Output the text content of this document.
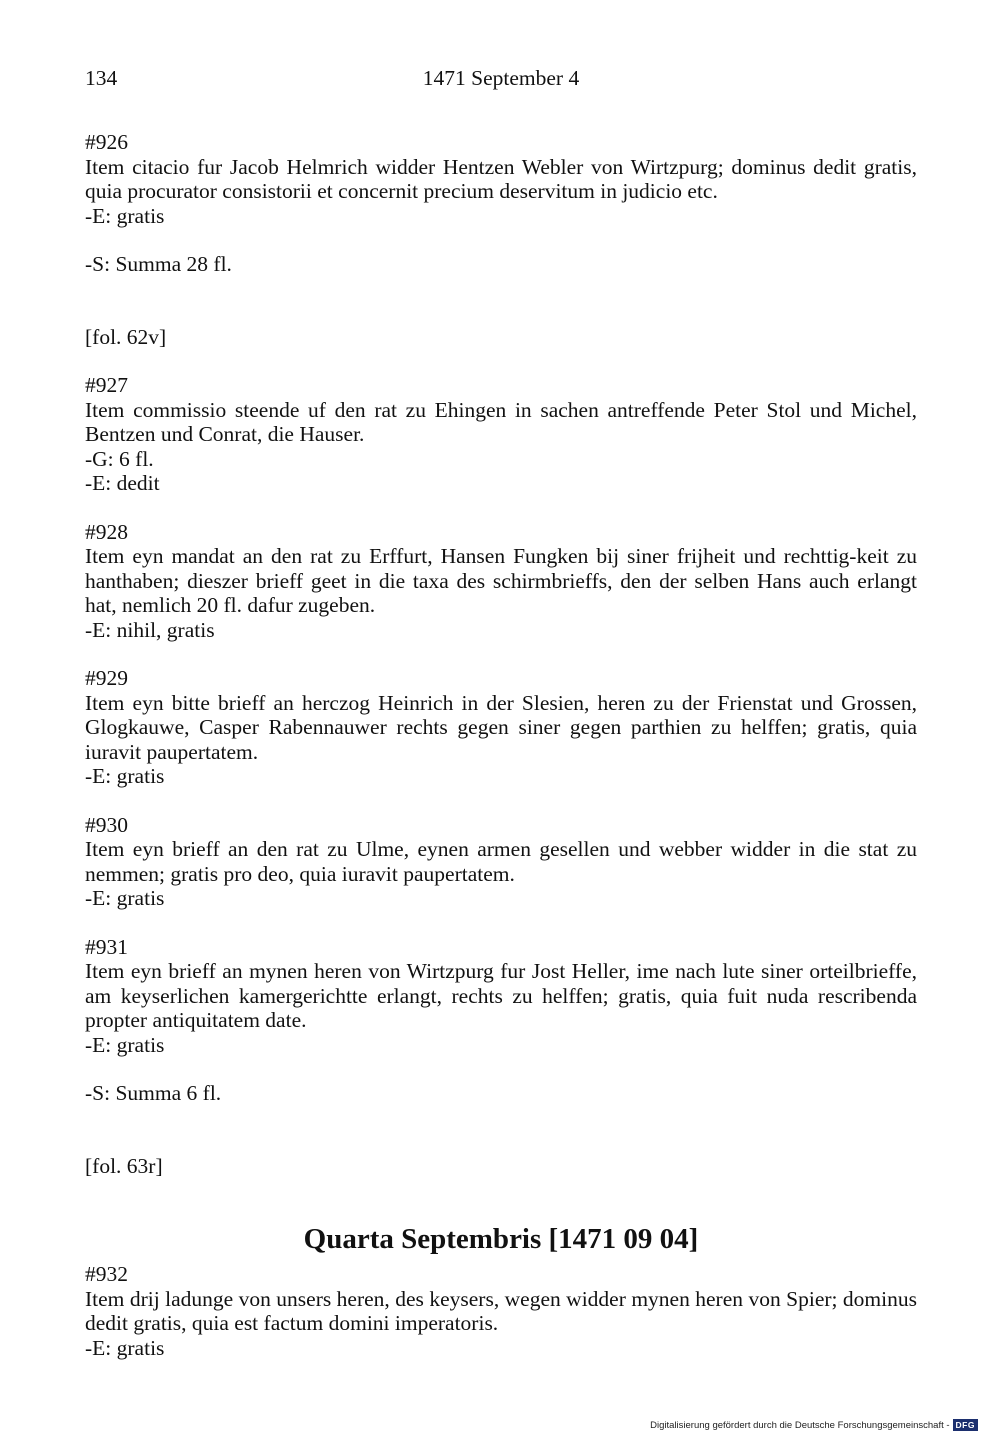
134	1471 September 4
#926
Item citacio fur Jacob Helmrich widder Hentzen Webler von Wirtzpurg; dominus dedit gratis, quia procurator consistorii et concernit precium deservitum in judicio etc.
-E: gratis
-S: Summa 28 fl.
[fol. 62v]
#927
Item commissio steende uf den rat zu Ehingen in sachen antreffende Peter Stol und Michel, Bentzen und Conrat, die Hauser.
-G: 6 fl.
-E: dedit
#928
Item eyn mandat an den rat zu Erffurt, Hansen Fungken bij siner frijheit und rechttig-keit zu hanthaben; dieszer brieff geet in die taxa des schirmbrieffs, den der selben Hans auch erlangt hat, nemlich 20 fl. dafur zugeben.
-E: nihil, gratis
#929
Item eyn bitte brieff an herczog Heinrich in der Slesien, heren zu der Frienstat und Grossen, Glogkauwe, Casper Rabennauwer rechts gegen siner gegen parthien zu helffen; gratis, quia iuravit paupertatem.
-E: gratis
#930
Item eyn brieff an den rat zu Ulme, eynen armen gesellen und webber widder in die stat zu nemmen; gratis pro deo, quia iuravit paupertatem.
-E: gratis
#931
Item eyn brieff an mynen heren von Wirtzpurg fur Jost Heller, ime nach lute siner orteilbrieffe, am keyserlichen kamergerichtte erlangt, rechts zu helffen; gratis, quia fuit nuda rescribenda propter antiquitatem date.
-E: gratis
-S: Summa 6 fl.
[fol. 63r]
Quarta Septembris [1471 09 04]
#932
Item drij ladunge von unsers heren, des keysers, wegen widder mynen heren von Spier; dominus dedit gratis, quia est factum domini imperatoris.
-E: gratis
Digitalisierung gefördert durch die Deutsche Forschungsgemeinschaft - DFG
